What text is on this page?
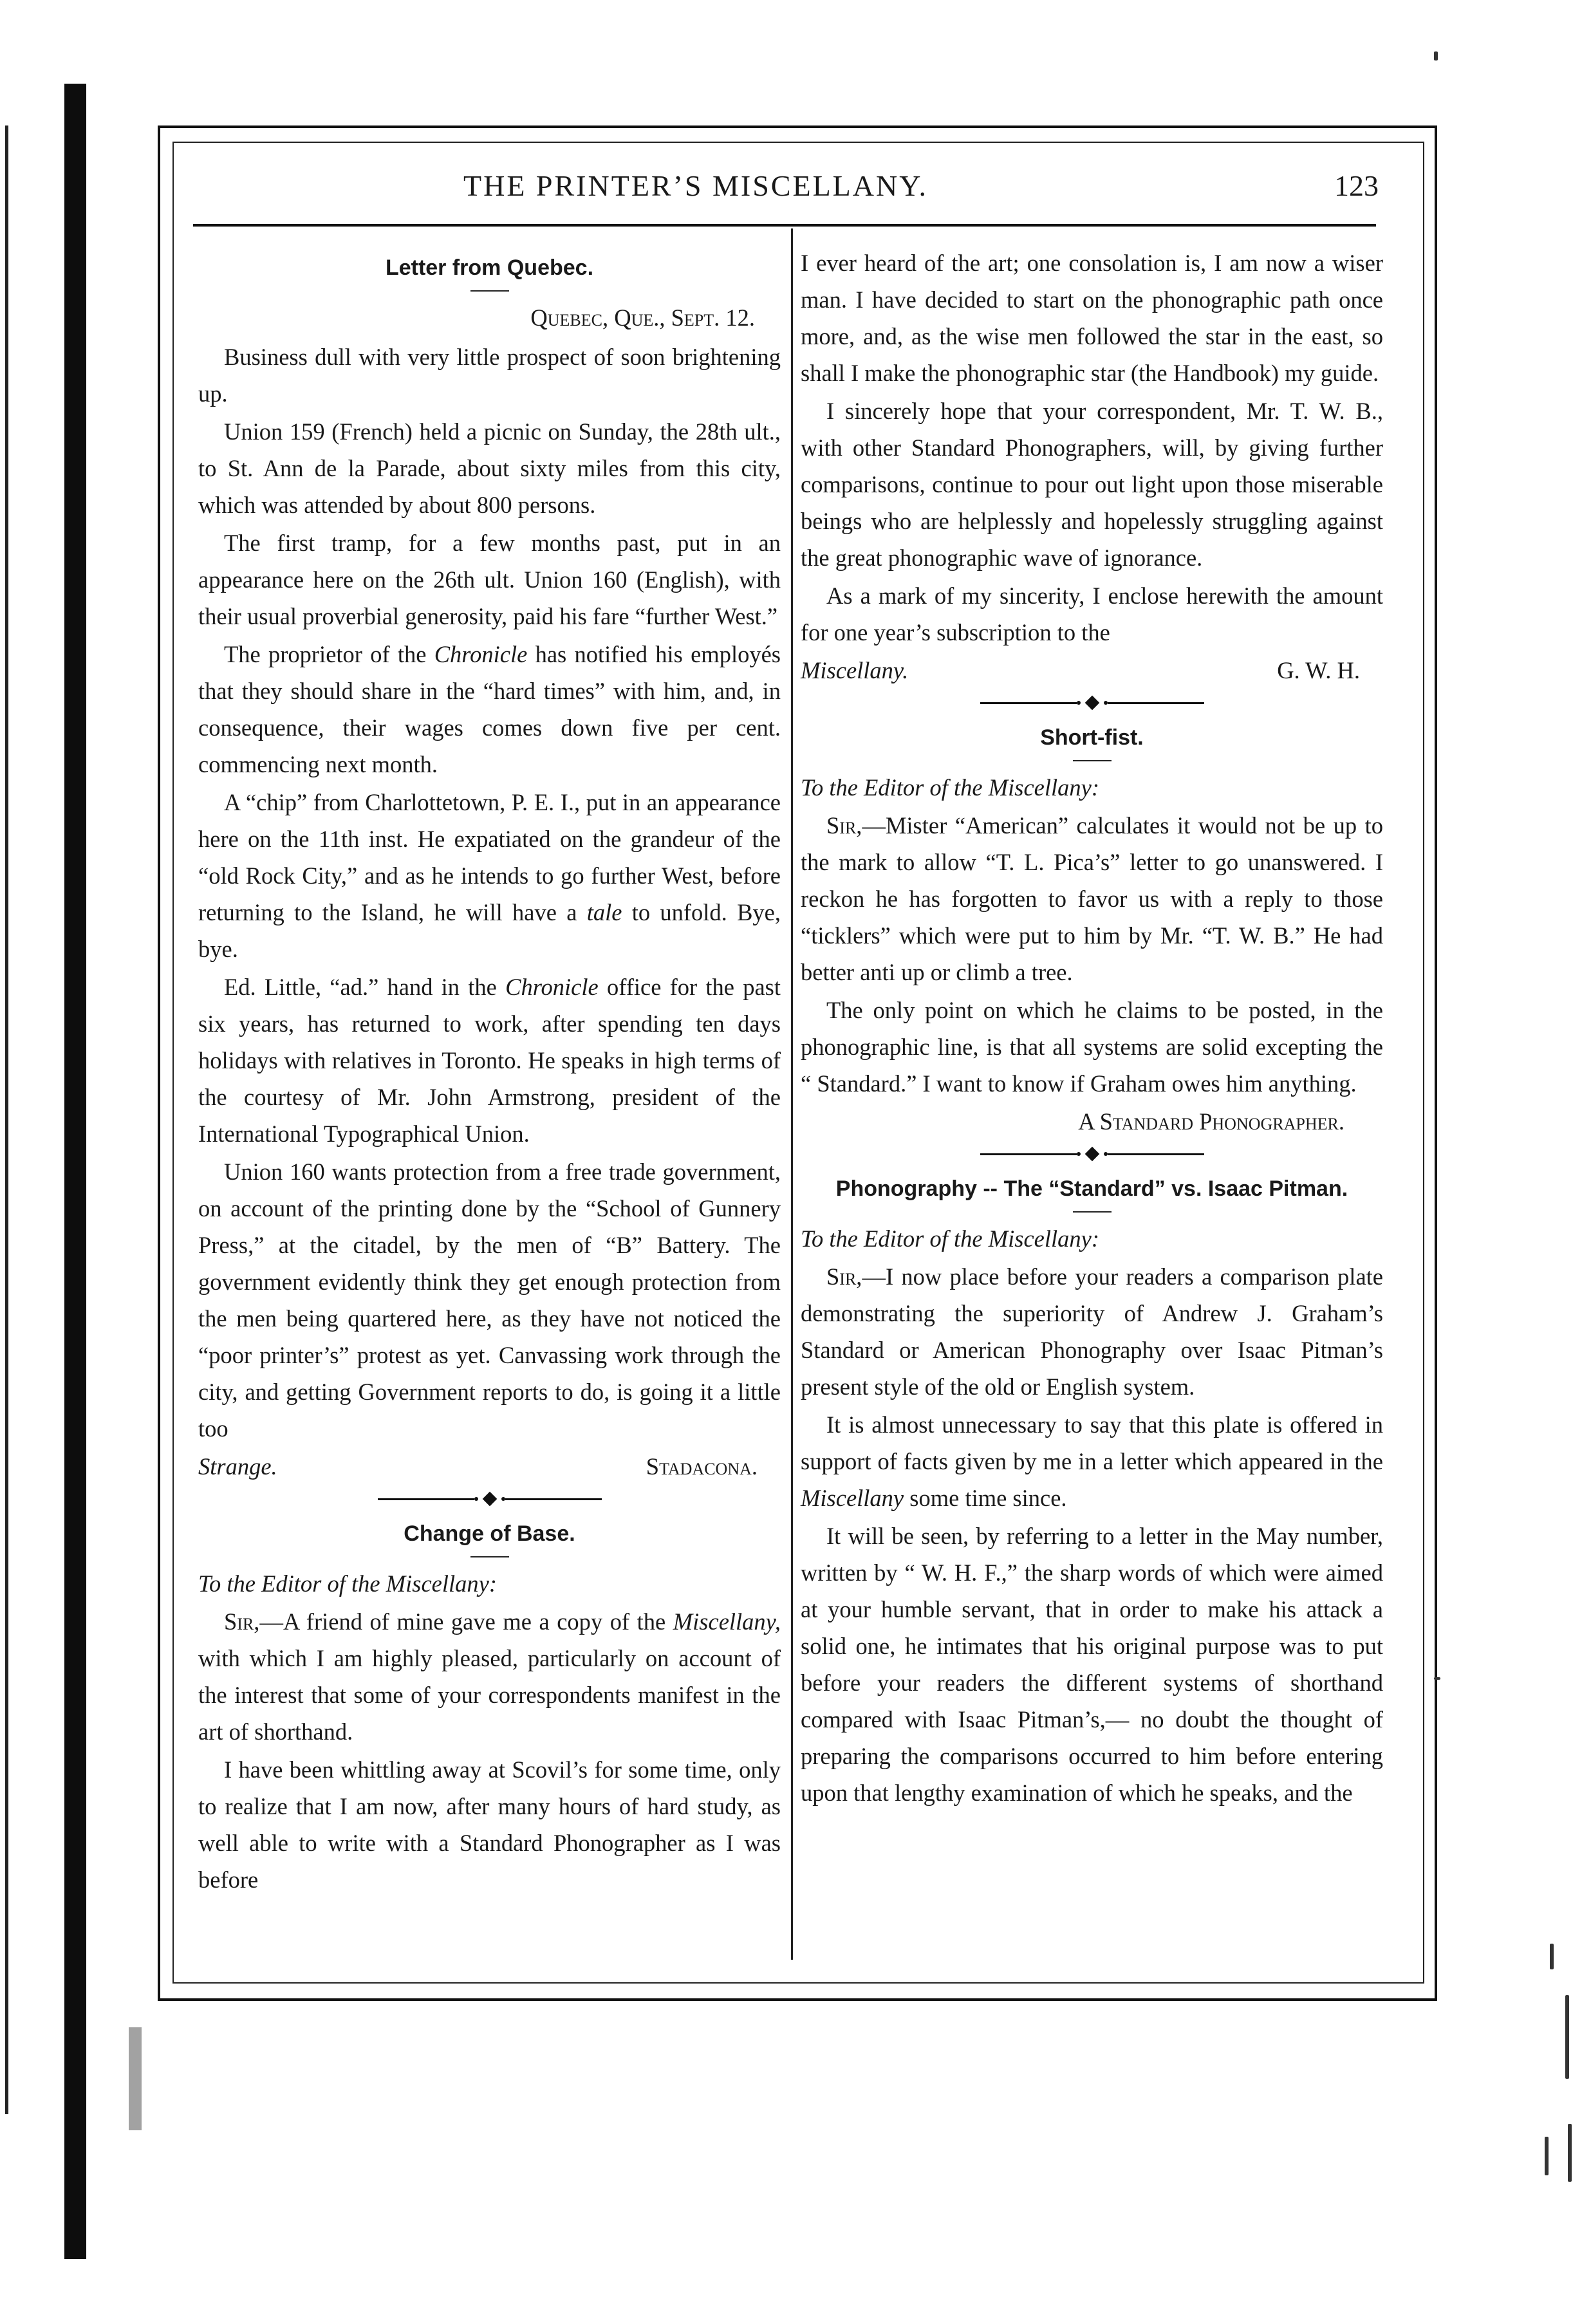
THE PRINTER’S MISCELLANY.	123
Letter from Quebec.
Quebec, Que., Sept. 12.

Business dull with very little prospect of soon brightening up.

Union 159 (French) held a picnic on Sunday, the 28th ult., to St. Ann de la Parade, about sixty miles from this city, which was attended by about 800 persons.

The first tramp, for a few months past, put in an appearance here on the 26th ult. Union 160 (English), with their usual proverbial generosity, paid his fare “further West.”

The proprietor of the Chronicle has notified his employés that they should share in the “hard times” with him, and, in consequence, their wages comes down five per cent. commencing next month.

A “chip” from Charlottetown, P. E. I., put in an appearance here on the 11th inst. He expatiated on the grandeur of the “old Rock City,” and as he intends to go further West, before returning to the Island, he will have a tale to unfold. Bye, bye.

Ed. Little, “ad.” hand in the Chronicle office for the past six years, has returned to work, after spending ten days holidays with relatives in Toronto. He speaks in high terms of the courtesy of Mr. John Armstrong, president of the International Typographical Union.

Union 160 wants protection from a free trade government, on account of the printing done by the “School of Gunnery Press,” at the citadel, by the men of “B” Battery. The government evidently think they get enough protection from the men being quartered here, as they have not noticed the “poor printer’s” protest as yet. Canvassing work through the city, and getting Government reports to do, is going it a little too

Strange.	Stadacona.
Change of Base.

To the Editor of the Miscellany:

Sir,—A friend of mine gave me a copy of the Miscellany, with which I am highly pleased, particularly on account of the interest that some of your correspondents manifest in the art of shorthand.

I have been whittling away at Scovil’s for some time, only to realize that I am now, after many hours of hard study, as well able to write with a Standard Phonographer as I was before

I ever heard of the art; one consolation is, I am now a wiser man. I have decided to start on the phonographic path once more, and, as the wise men followed the star in the east, so shall I make the phonographic star (the Handbook) my guide.

I sincerely hope that your correspondent, Mr. T. W. B., with other Standard Phonographers, will, by giving further comparisons, continue to pour out light upon those miserable beings who are helplessly and hopelessly struggling against the great phonographic wave of ignorance.

As a mark of my sincerity, I enclose herewith the amount for one year’s subscription to the

Miscellany.	G. W. H.
Short-fist.

To the Editor of the Miscellany:

Sir,—Mister “American” calculates it would not be up to the mark to allow “T. L. Pica’s” letter to go unanswered. I reckon he has forgotten to favor us with a reply to those “ticklers” which were put to him by Mr. “T. W. B.” He had better anti up or climb a tree.

The only point on which he claims to be posted, in the phonographic line, is that all systems are solid excepting the “ Standard.” I want to know if Graham owes him anything.

A Standard Phonographer.
Phonography -- The “Standard” vs. Isaac Pitman.

To the Editor of the Miscellany:

Sir,—I now place before your readers a comparison plate demonstrating the superiority of Andrew J. Graham’s Standard or American Phonography over Isaac Pitman’s present style of the old or English system.

It is almost unnecessary to say that this plate is offered in support of facts given by me in a letter which appeared in the Miscellany some time since.

It will be seen, by referring to a letter in the May number, written by “ W. H. F.,” the sharp words of which were aimed at your humble servant, that in order to make his attack a solid one, he intimates that his original purpose was to put before your readers the different systems of shorthand compared with Isaac Pitman’s,— no doubt the thought of preparing the comparisons occurred to him before entering upon that lengthy examination of which he speaks, and the
